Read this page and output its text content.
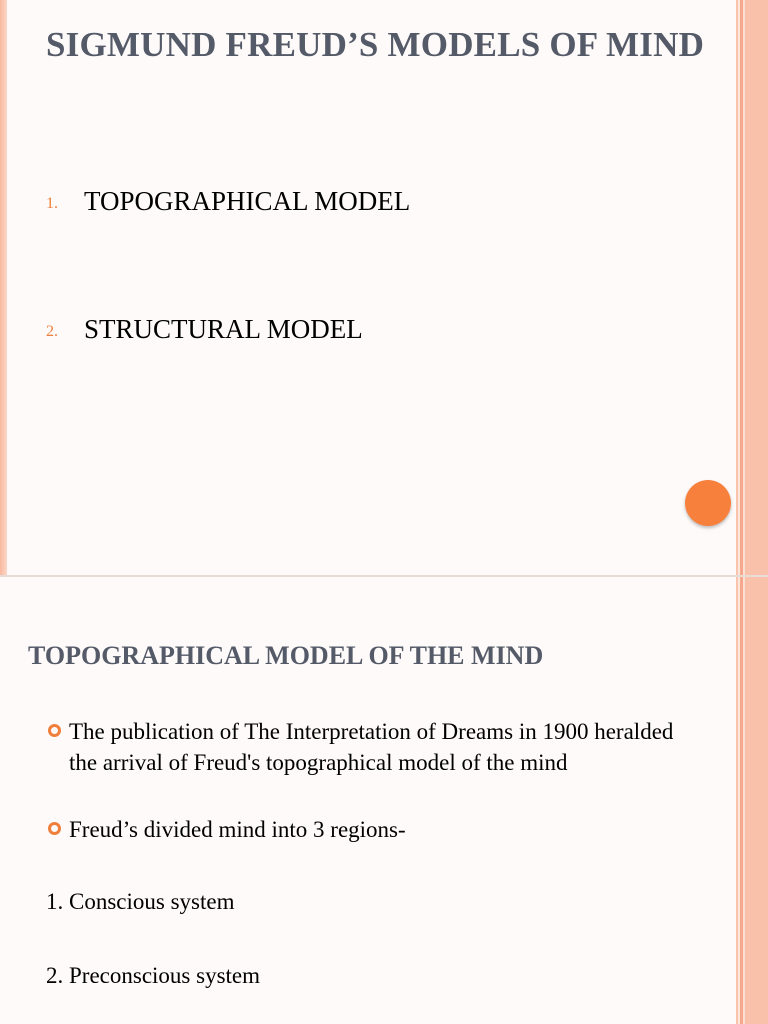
SIGMUND FREUD’S MODELS OF MIND
1. TOPOGRAPHICAL MODEL
2. STRUCTURAL MODEL
TOPOGRAPHICAL MODEL OF THE MIND
The publication of The Interpretation of Dreams in 1900 heralded the arrival of Freud's topographical model of the mind
Freud’s divided mind into 3 regions-
1. Conscious system
2. Preconscious system
